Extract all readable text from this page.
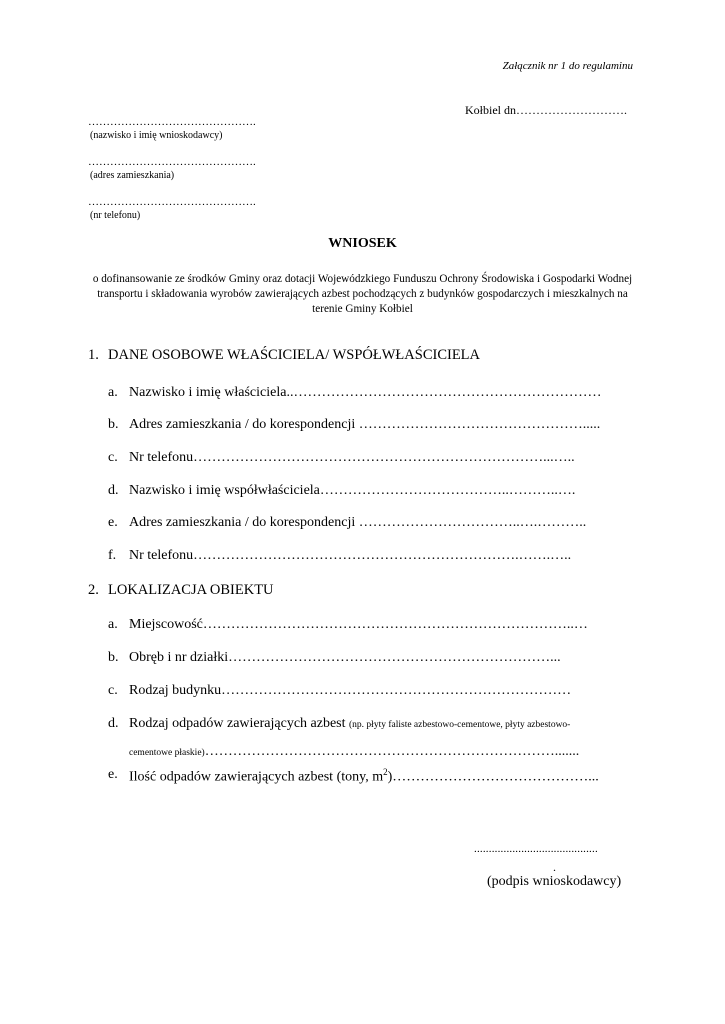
Załącznik nr 1 do regulaminu
Kołbiel dn……………………….
……………………………………….
(nazwisko i imię wnioskodawcy)
……………………………………….
(adres zamieszkania)
……………………………………….
(nr telefonu)
WNIOSEK
o dofinansowanie ze środków Gminy oraz dotacji Wojewódzkiego Funduszu Ochrony Środowiska i Gospodarki Wodnej transportu i składowania wyrobów zawierających azbest pochodzących z budynków gospodarczych i mieszkalnych na terenie Gminy Kołbiel
1. DANE OSOBOWE WŁAŚCICIELA/ WSPÓŁWŁAŚCICIELA
a. Nazwisko i imię właściciela..…………………………………………………………
b. Adres zamieszkania / do korespondencji ………………………………………….....
c. Nr telefonu…………………………………………………………………...…..
d. Nazwisko i imię współwłaściciela…………………………………..………..….
e. Adres zamieszkania / do korespondencji ……………………………..….………..
f. Nr telefonu…………………………………………………………….…….…..
2. LOKALIZACJA OBIEKTU
a. Miejscowość……………………………………………………………………..…
b. Obręb i nr działki……………………………………………………………...
c. Rodzaj budynku…………………………………………………………………
d. Rodzaj odpadów zawierających azbest (np. płyty faliste azbestowo-cementowe, płyty azbestowo-
cementowe płaskie)………………………………………………………………….......
e. Ilość odpadów zawierających azbest (tony, $m^2)\dots\dots\dots\dots\dots\dots\dots\dots\dots\dots\dots\dots\dots\dots$...
..........................................
.
(podpis wnioskodawcy)
